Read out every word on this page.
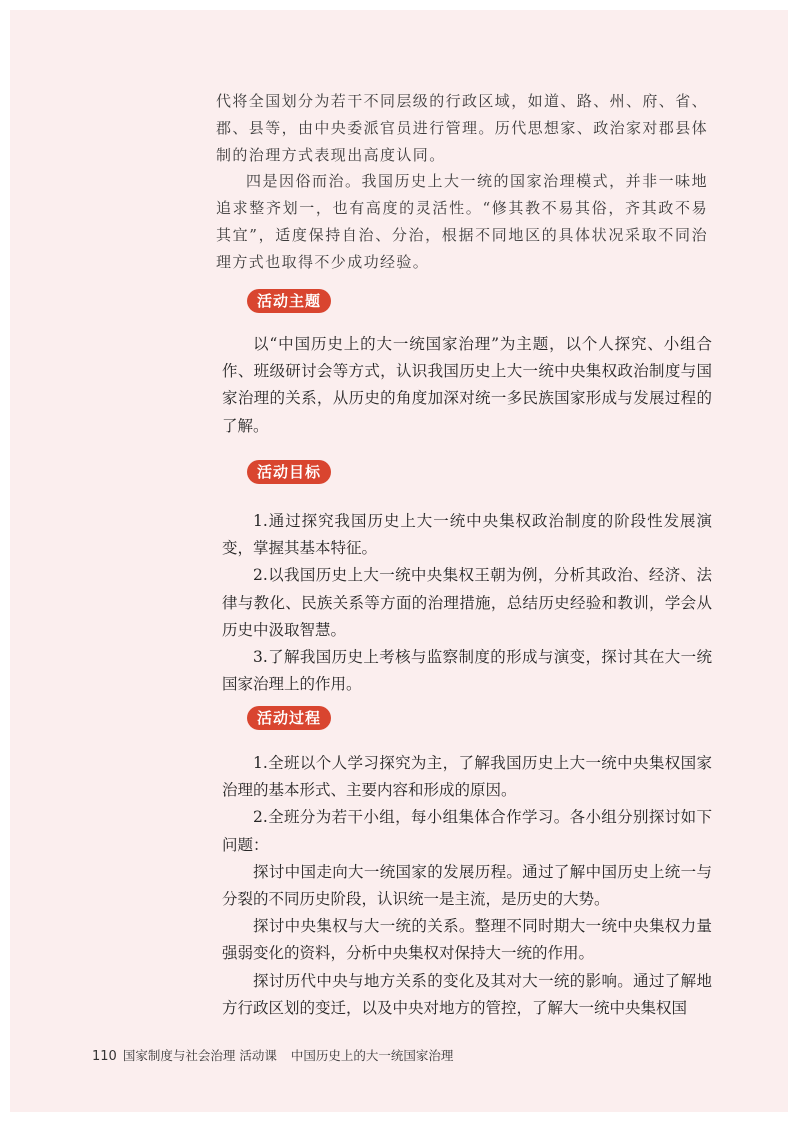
代将全国划分为若干不同层级的行政区域，如道、路、州、府、省、郡、县等，由中央委派官员进行管理。历代思想家、政治家对郡县体制的治理方式表现出高度认同。

四是因俗而治。我国历史上大一统的国家治理模式，并非一味地追求整齐划一，也有高度的灵活性。“修其教不易其俗，齐其政不易其宜”，适度保持自治、分治，根据不同地区的具体状况采取不同治理方式也取得不少成功经验。

活动主题

以“中国历史上的大一统国家治理”为主题，以个人探究、小组合作、班级研讨会等方式，认识我国历史上大一统中央集权政治制度与国家治理的关系，从历史的角度加深对统一多民族国家形成与发展过程的了解。

活动目标

1.通过探究我国历史上大一统中央集权政治制度的阶段性发展演变，掌握其基本特征。

2.以我国历史上大一统中央集权王朝为例，分析其政治、经济、法律与教化、民族关系等方面的治理措施，总结历史经验和教训，学会从历史中汲取智慧。

3.了解我国历史上考核与监察制度的形成与演变，探讨其在大一统国家治理上的作用。

活动过程

1.全班以个人学习探究为主，了解我国历史上大一统中央集权国家治理的基本形式、主要内容和形成的原因。

2.全班分为若干小组，每小组集体合作学习。各小组分别探讨如下问题：

探讨中国走向大一统国家的发展历程。通过了解中国历史上统一与分裂的不同历史阶段，认识统一是主流，是历史的大势。

探讨中央集权与大一统的关系。整理不同时期大一统中央集权力量强弱变化的资料，分析中央集权对保持大一统的作用。

探讨历代中央与地方关系的变化及其对大一统的影响。通过了解地方行政区划的变迁，以及中央对地方的管控，了解大一统中央集权国

110 国家制度与社会治理 活动课 中国历史上的大一统国家治理
